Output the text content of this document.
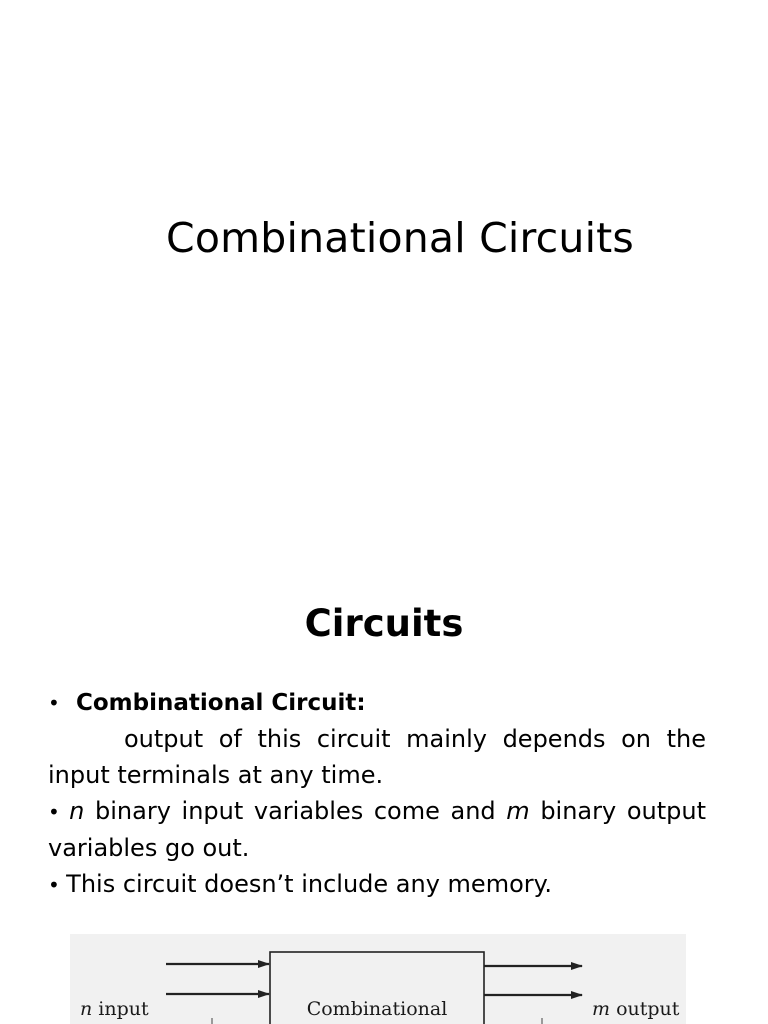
Combinational Circuits
Circuits
• Combinational Circuit:
output of this circuit mainly depends on the input terminals at any time.
• n binary input variables come and m binary output variables go out.
• This circuit doesn’t include any memory.
n input	Combinational	m output
